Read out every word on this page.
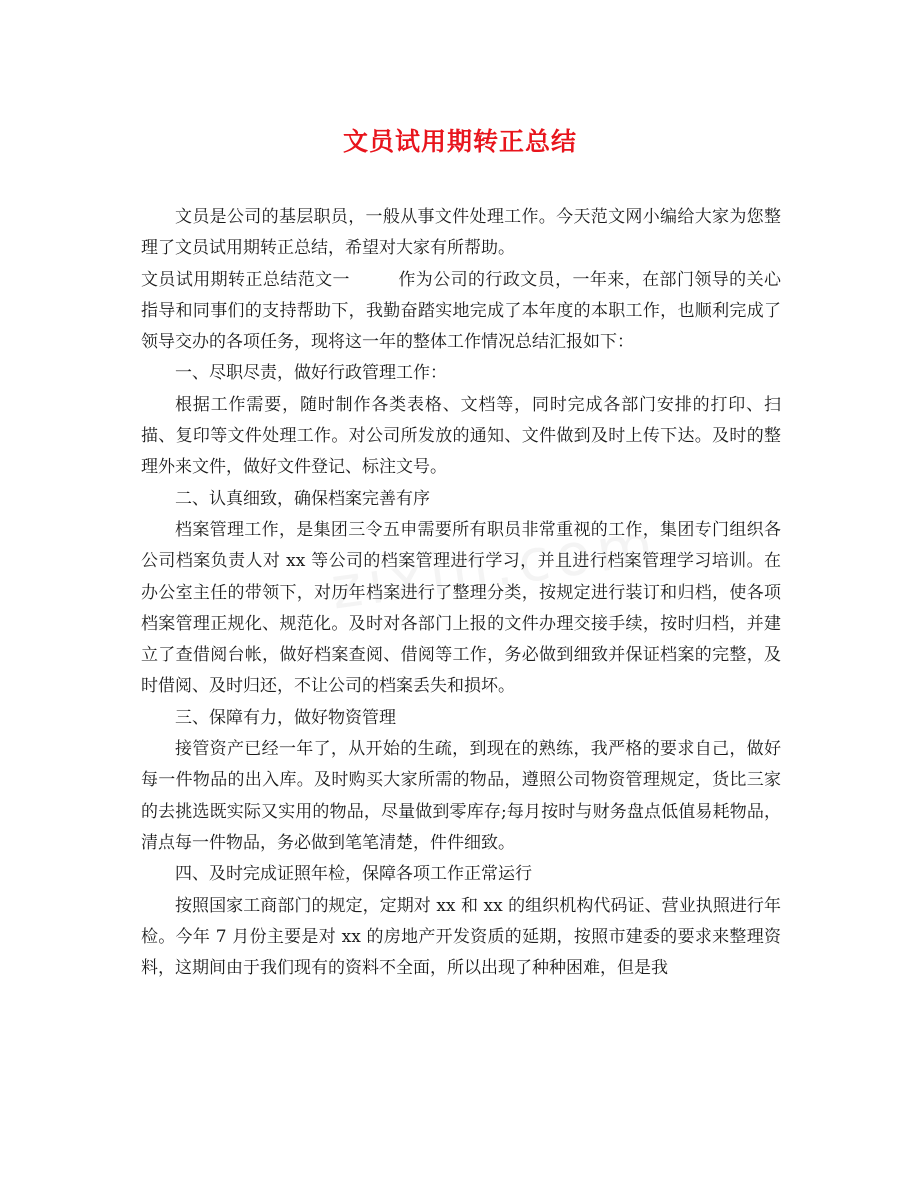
文员试用期转正总结

文员是公司的基层职员，一般从事文件处理工作。今天范文网小编给大家为您整理了文员试用期转正总结，希望对大家有所帮助。

文员试用期转正总结范文一	作为公司的行政文员，一年来，在部门领导的关心指导和同事们的支持帮助下，我勤奋踏实地完成了本年度的本职工作，也顺利完成了领导交办的各项任务，现将这一年的整体工作情况总结汇报如下：

一、尽职尽责，做好行政管理工作：

根据工作需要，随时制作各类表格、文档等，同时完成各部门安排的打印、扫描、复印等文件处理工作。对公司所发放的通知、文件做到及时上传下达。及时的整理外来文件，做好文件登记、标注文号。

二、认真细致，确保档案完善有序

档案管理工作，是集团三令五申需要所有职员非常重视的工作，集团专门组织各公司档案负责人对 xx 等公司的档案管理进行学习，并且进行档案管理学习培训。在办公室主任的带领下，对历年档案进行了整理分类，按规定进行装订和归档，使各项档案管理正规化、规范化。及时对各部门上报的文件办理交接手续，按时归档，并建立了查借阅台帐，做好档案查阅、借阅等工作，务必做到细致并保证档案的完整，及时借阅、及时归还，不让公司的档案丢失和损坏。

三、保障有力，做好物资管理

接管资产已经一年了，从开始的生疏，到现在的熟练，我严格的要求自己，做好每一件物品的出入库。及时购买大家所需的物品，遵照公司物资管理规定，货比三家的去挑选既实际又实用的物品，尽量做到零库存;每月按时与财务盘点低值易耗物品，清点每一件物品，务必做到笔笔清楚，件件细致。

四、及时完成证照年检，保障各项工作正常运行

按照国家工商部门的规定，定期对 xx 和 xx 的组织机构代码证、营业执照进行年检。今年 7 月份主要是对 xx 的房地产开发资质的延期，按照市建委的要求来整理资料，这期间由于我们现有的资料不全面，所以出现了种种困难，但是我
